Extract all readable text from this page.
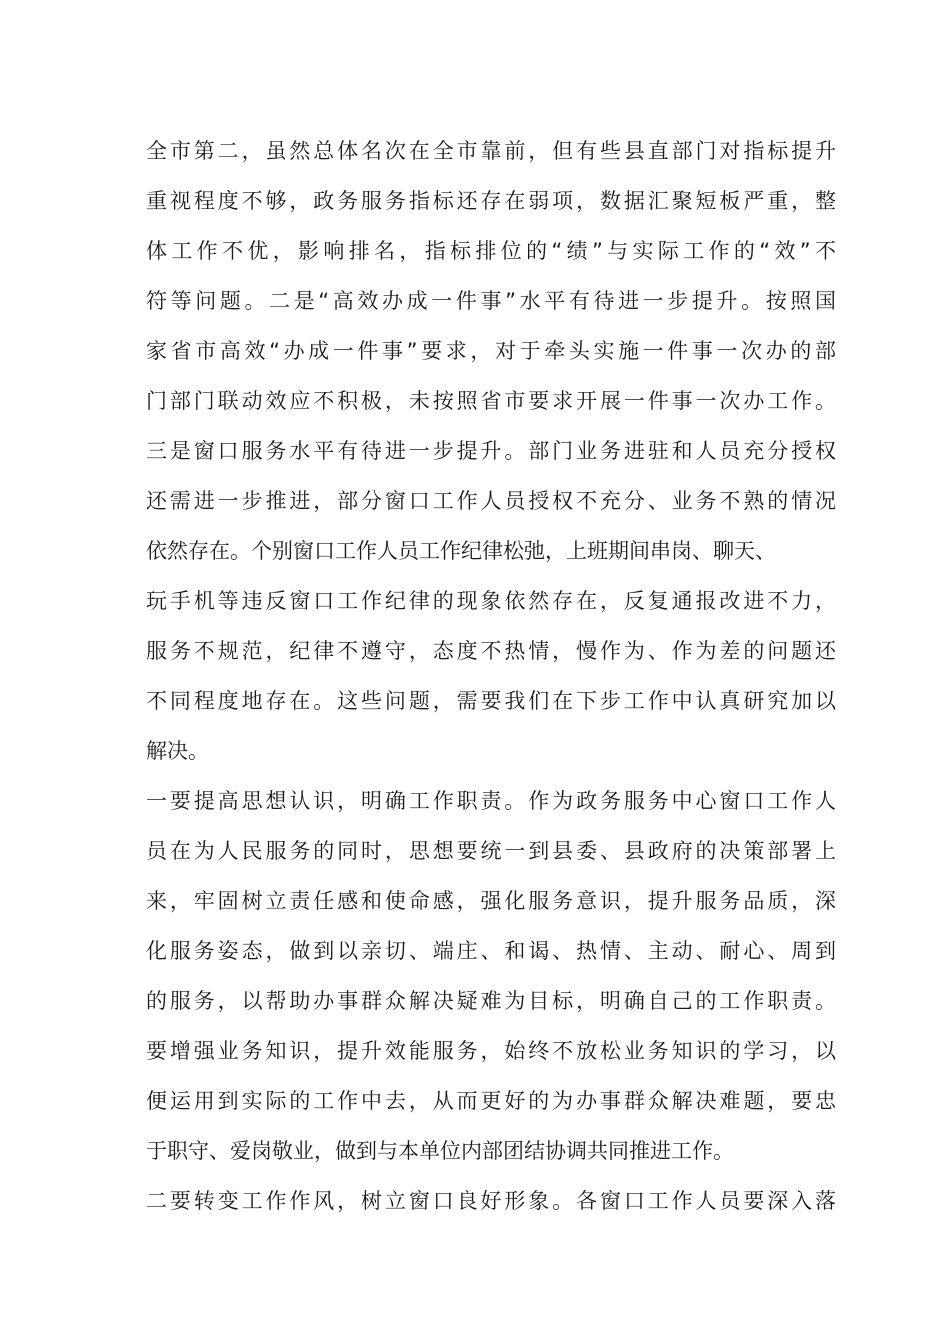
全市第二，虽然总体名次在全市靠前，但有些县直部门对指标提升
重视程度不够，政务服务指标还存在弱项，数据汇聚短板严重，整
体工作不优，影响排名，指标排位的“绩”与实际工作的“效”不
符等问题。二是“高效办成一件事”水平有待进一步提升。按照国
家省市高效“办成一件事”要求，对于牵头实施一件事一次办的部
门部门联动效应不积极，未按照省市要求开展一件事一次办工作。
三是窗口服务水平有待进一步提升。部门业务进驻和人员充分授权
还需进一步推进，部分窗口工作人员授权不充分、业务不熟的情况
依然存在。个别窗口工作人员工作纪律松弛，上班期间串岗、聊天、
玩手机等违反窗口工作纪律的现象依然存在，反复通报改进不力，
服务不规范，纪律不遵守，态度不热情，慢作为、作为差的问题还
不同程度地存在。这些问题，需要我们在下步工作中认真研究加以
解决。
一要提高思想认识，明确工作职责。作为政务服务中心窗口工作人
员在为人民服务的同时，思想要统一到县委、县政府的决策部署上
来，牢固树立责任感和使命感，强化服务意识，提升服务品质，深
化服务姿态，做到以亲切、端庄、和谒、热情、主动、耐心、周到
的服务，以帮助办事群众解决疑难为目标，明确自己的工作职责。
要增强业务知识，提升效能服务，始终不放松业务知识的学习，以
便运用到实际的工作中去，从而更好的为办事群众解决难题，要忠
于职守、爱岗敬业，做到与本单位内部团结协调共同推进工作。
二要转变工作作风，树立窗口良好形象。各窗口工作人员要深入落
